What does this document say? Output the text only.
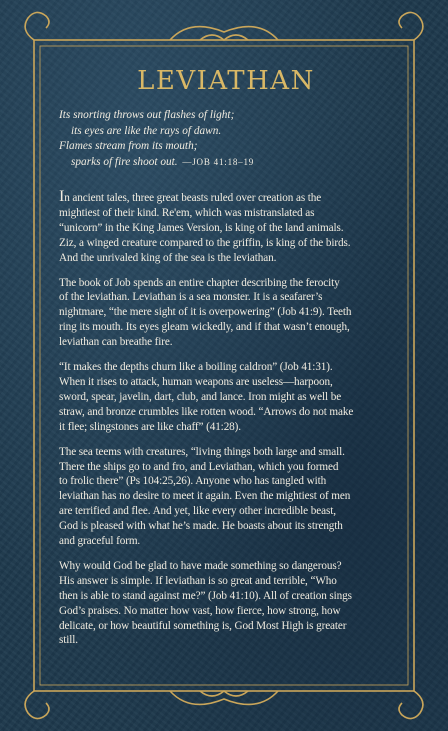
LEVIATHAN
Its snorting throws out flashes of light;
its eyes are like the rays of dawn.
Flames stream from its mouth;
sparks of fire shoot out. —JOB 41:18–19

In ancient tales, three great beasts ruled over creation as the
mightiest of their kind. Re'em, which was mistranslated as
“unicorn” in the King James Version, is king of the land animals.
Ziz, a winged creature compared to the griffin, is king of the birds.
And the unrivaled king of the sea is the leviathan.

The book of Job spends an entire chapter describing the ferocity
of the leviathan. Leviathan is a sea monster. It is a seafarer’s
nightmare, “the mere sight of it is overpowering” (Job 41:9). Teeth
ring its mouth. Its eyes gleam wickedly, and if that wasn’t enough,
leviathan can breathe fire.

“It makes the depths churn like a boiling caldron” (Job 41:31).
When it rises to attack, human weapons are useless—harpoon,
sword, spear, javelin, dart, club, and lance. Iron might as well be
straw, and bronze crumbles like rotten wood. “Arrows do not make
it flee; slingstones are like chaff” (41:28).

The sea teems with creatures, “living things both large and small.
There the ships go to and fro, and Leviathan, which you formed
to frolic there” (Ps 104:25,26). Anyone who has tangled with
leviathan has no desire to meet it again. Even the mightiest of men
are terrified and flee. And yet, like every other incredible beast,
God is pleased with what he’s made. He boasts about its strength
and graceful form.

Why would God be glad to have made something so dangerous?
His answer is simple. If leviathan is so great and terrible, “Who
then is able to stand against me?” (Job 41:10). All of creation sings
God’s praises. No matter how vast, how fierce, how strong, how
delicate, or how beautiful something is, God Most High is greater
still.
